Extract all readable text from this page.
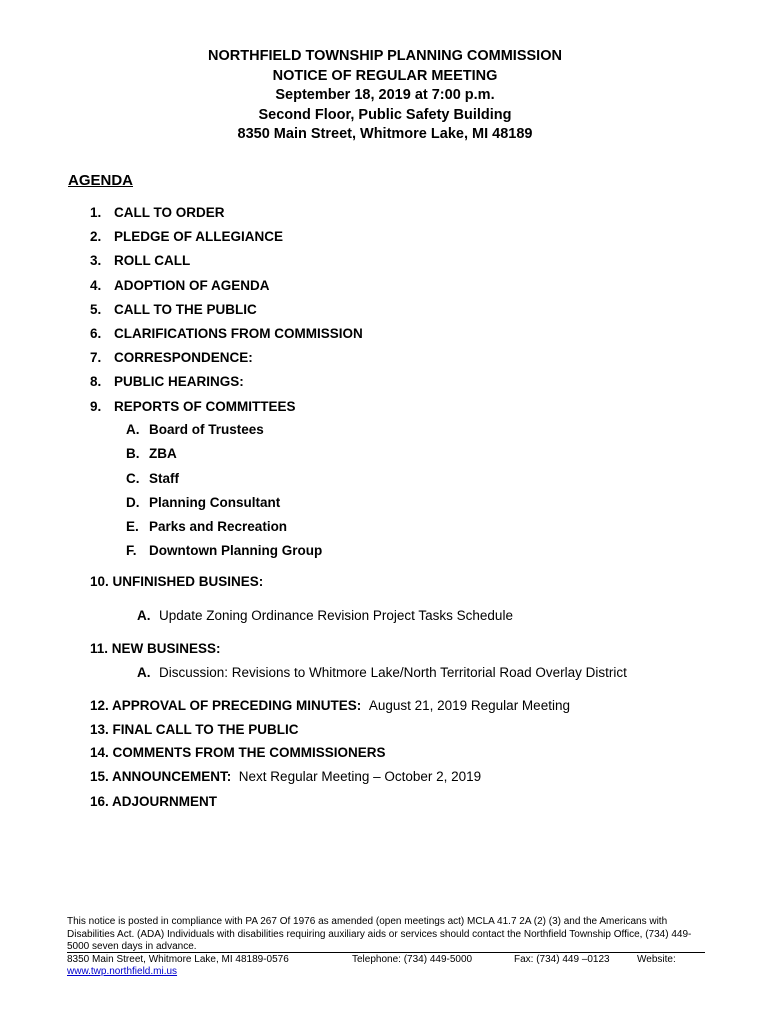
NORTHFIELD TOWNSHIP PLANNING COMMISSION
NOTICE OF REGULAR MEETING
September 18, 2019 at 7:00 p.m.
Second Floor, Public Safety Building
8350 Main Street, Whitmore Lake, MI 48189
AGENDA
1. CALL TO ORDER
2. PLEDGE OF ALLEGIANCE
3. ROLL CALL
4. ADOPTION OF AGENDA
5. CALL TO THE PUBLIC
6. CLARIFICATIONS FROM COMMISSION
7. CORRESPONDENCE:
8. PUBLIC HEARINGS:
9. REPORTS OF COMMITTEES
A. Board of Trustees
B. ZBA
C. Staff
D. Planning Consultant
E. Parks and Recreation
F. Downtown Planning Group
10. UNFINISHED BUSINES:
A. Update Zoning Ordinance Revision Project Tasks Schedule
11. NEW BUSINESS:
A. Discussion: Revisions to Whitmore Lake/North Territorial Road Overlay District
12. APPROVAL OF PRECEDING MINUTES: August 21, 2019 Regular Meeting
13. FINAL CALL TO THE PUBLIC
14. COMMENTS FROM THE COMMISSIONERS
15. ANNOUNCEMENT: Next Regular Meeting – October 2, 2019
16. ADJOURNMENT
This notice is posted in compliance with PA 267 Of 1976 as amended (open meetings act) MCLA 41.7 2A (2) (3) and the Americans with Disabilities Act. (ADA) Individuals with disabilities requiring auxiliary aids or services should contact the Northfield Township Office, (734) 449-5000 seven days in advance.
8350 Main Street, Whitmore Lake, MI 48189-0576	Telephone: (734) 449-5000	Fax: (734) 449 –0123	Website:
www.twp.northfield.mi.us
